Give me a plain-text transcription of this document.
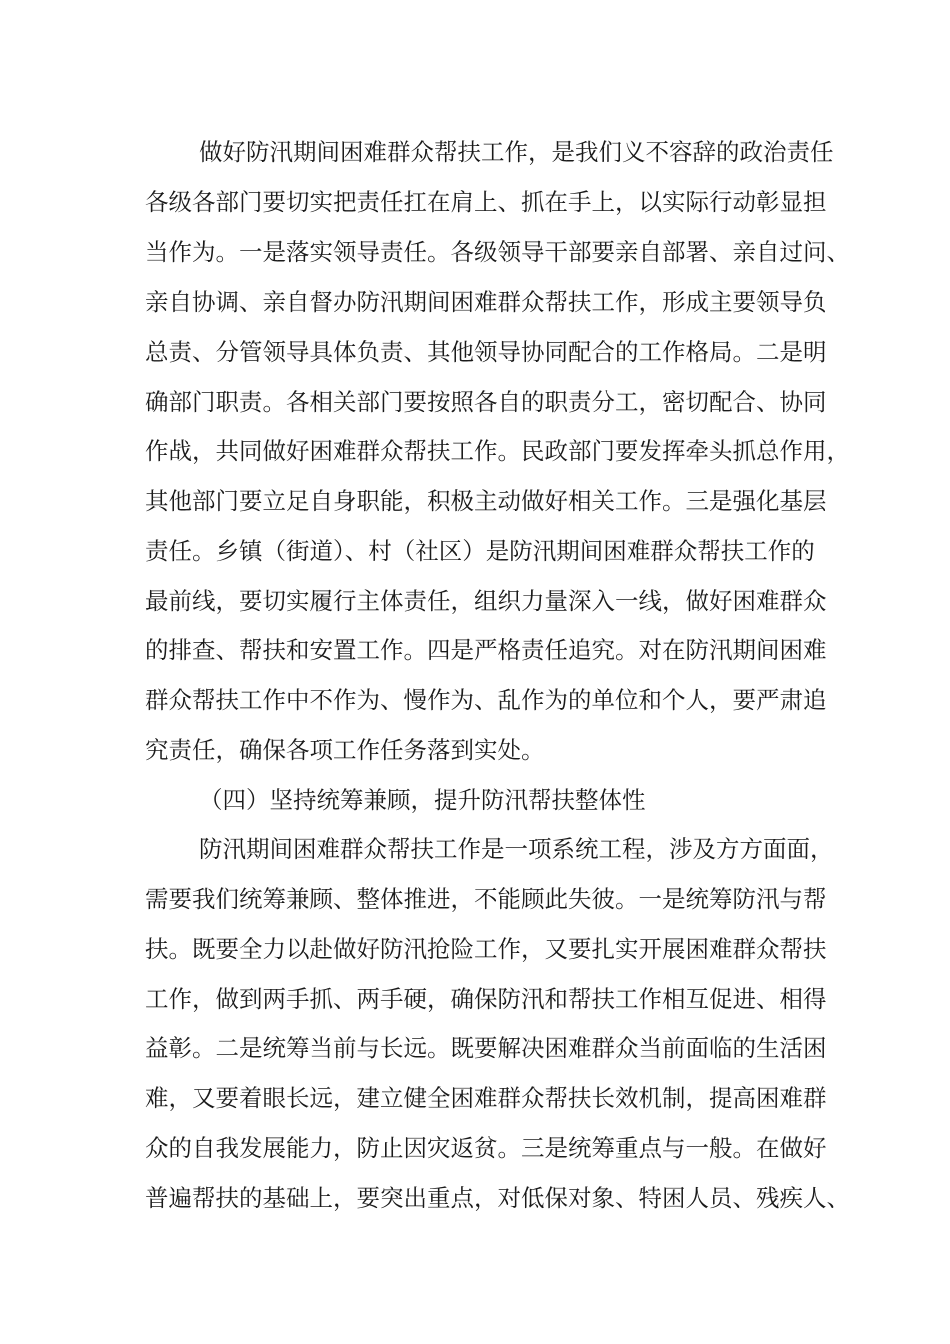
做好防汛期间困难群众帮扶工作，是我们义不容辞的政治责任
各级各部门要切实把责任扛在肩上、抓在手上，以实际行动彰显担
当作为。一是落实领导责任。各级领导干部要亲自部署、亲自过问、
亲自协调、亲自督办防汛期间困难群众帮扶工作，形成主要领导负
总责、分管领导具体负责、其他领导协同配合的工作格局。二是明
确部门职责。各相关部门要按照各自的职责分工，密切配合、协同
作战，共同做好困难群众帮扶工作。民政部门要发挥牵头抓总作用，
其他部门要立足自身职能，积极主动做好相关工作。三是强化基层
责任。乡镇（街道）、村（社区）是防汛期间困难群众帮扶工作的
最前线，要切实履行主体责任，组织力量深入一线，做好困难群众
的排查、帮扶和安置工作。四是严格责任追究。对在防汛期间困难
群众帮扶工作中不作为、慢作为、乱作为的单位和个人，要严肃追
究责任，确保各项工作任务落到实处。
（四）坚持统筹兼顾，提升防汛帮扶整体性
防汛期间困难群众帮扶工作是一项系统工程，涉及方方面面，
需要我们统筹兼顾、整体推进，不能顾此失彼。一是统筹防汛与帮
扶。既要全力以赴做好防汛抢险工作，又要扎实开展困难群众帮扶
工作，做到两手抓、两手硬，确保防汛和帮扶工作相互促进、相得
益彰。二是统筹当前与长远。既要解决困难群众当前面临的生活困
难，又要着眼长远，建立健全困难群众帮扶长效机制，提高困难群
众的自我发展能力，防止因灾返贫。三是统筹重点与一般。在做好
普遍帮扶的基础上，要突出重点，对低保对象、特困人员、残疾人、
